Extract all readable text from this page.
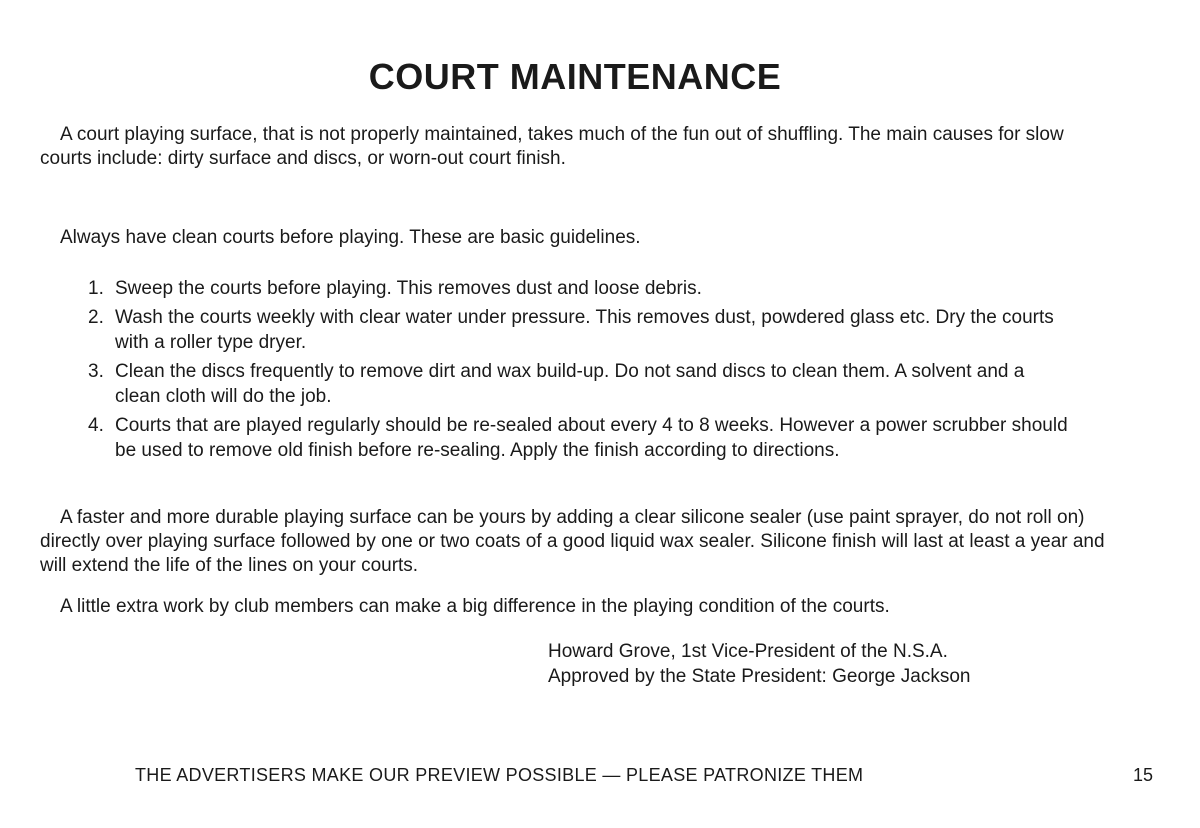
COURT MAINTENANCE

A court playing surface, that is not properly maintained, takes much of the fun out of shuffling. The main causes for slow courts include: dirty surface and discs, or worn-out court finish.

Always have clean courts before playing. These are basic guidelines.

1. Sweep the courts before playing. This removes dust and loose debris.
2. Wash the courts weekly with clear water under pressure. This removes dust, powdered glass etc. Dry the courts with a roller type dryer.
3. Clean the discs frequently to remove dirt and wax build-up. Do not sand discs to clean them. A solvent and a clean cloth will do the job.
4. Courts that are played regularly should be re-sealed about every 4 to 8 weeks. However a power scrubber should be used to remove old finish before re-sealing. Apply the finish according to directions.

A faster and more durable playing surface can be yours by adding a clear silicone sealer (use paint sprayer, do not roll on) directly over playing surface followed by one or two coats of a good liquid wax sealer. Silicone finish will last at least a year and will extend the life of the lines on your courts.

A little extra work by club members can make a big difference in the playing condition of the courts.

Howard Grove, 1st Vice-President of the N.S.A.
Approved by the State President: George Jackson
THE ADVERTISERS MAKE OUR PREVIEW POSSIBLE — PLEASE PATRONIZE THEM	15
